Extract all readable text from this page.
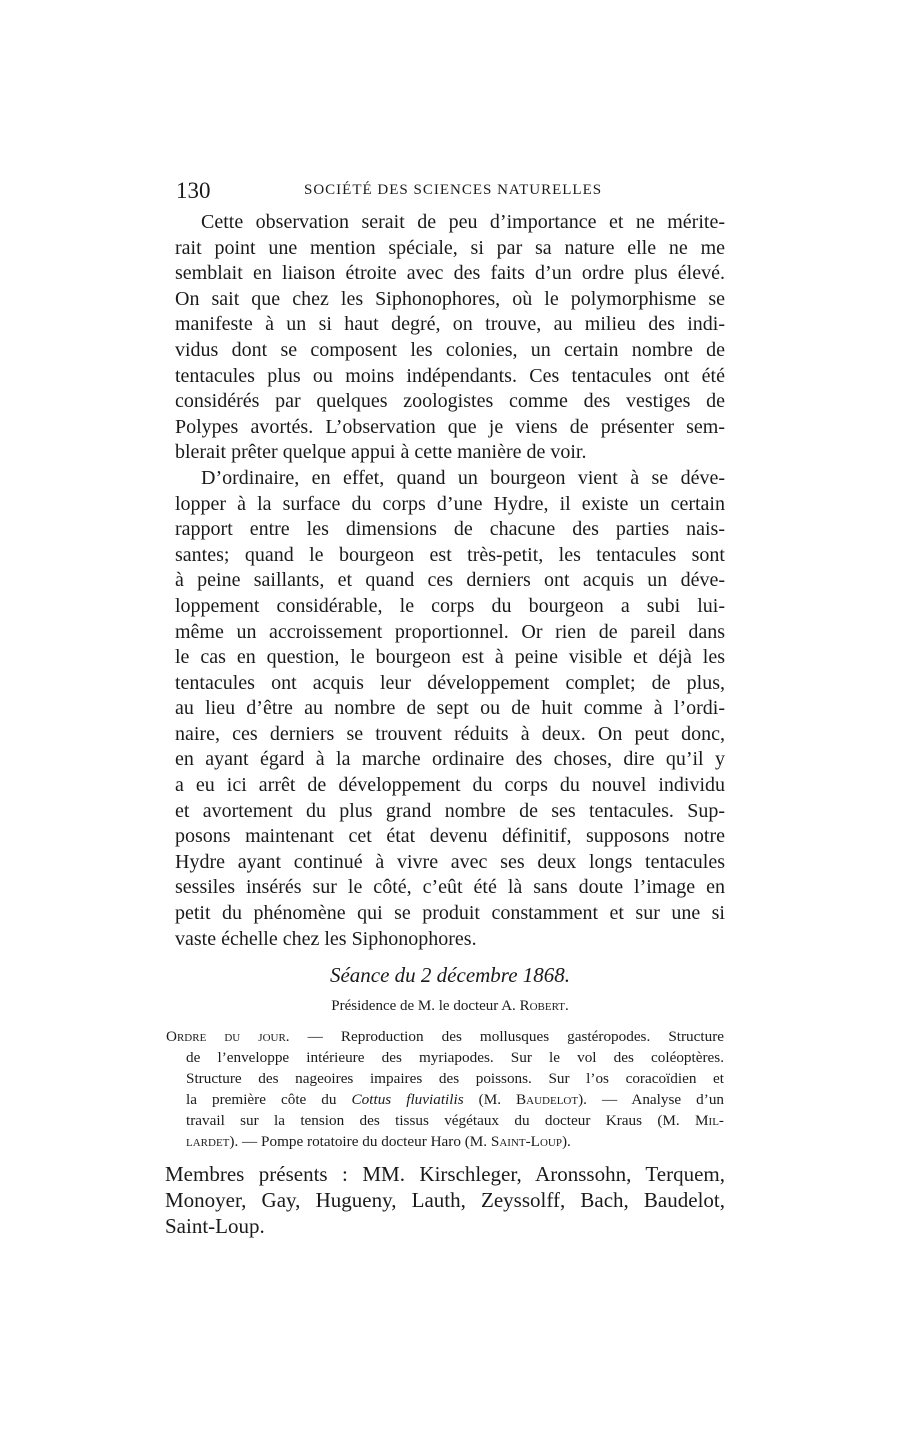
130	SOCIÉTÉ DES SCIENCES NATURELLES
Cette observation serait de peu d’importance et ne mérite-
rait point une mention spéciale, si par sa nature elle ne me
semblait en liaison étroite avec des faits d’un ordre plus élevé.
On sait que chez les Siphonophores, où le polymorphisme se
manifeste à un si haut degré, on trouve, au milieu des indi-
vidus dont se composent les colonies, un certain nombre de
tentacules plus ou moins indépendants. Ces tentacules ont été
considérés par quelques zoologistes comme des vestiges de
Polypes avortés. L’observation que je viens de présenter sem-
blerait prêter quelque appui à cette manière de voir.
D’ordinaire, en effet, quand un bourgeon vient à se déve-
lopper à la surface du corps d’une Hydre, il existe un certain
rapport entre les dimensions de chacune des parties nais-
santes; quand le bourgeon est très-petit, les tentacules sont
à peine saillants, et quand ces derniers ont acquis un déve-
loppement considérable, le corps du bourgeon a subi lui-
même un accroissement proportionnel. Or rien de pareil dans
le cas en question, le bourgeon est à peine visible et déjà les
tentacules ont acquis leur développement complet; de plus,
au lieu d’être au nombre de sept ou de huit comme à l’ordi-
naire, ces derniers se trouvent réduits à deux. On peut donc,
en ayant égard à la marche ordinaire des choses, dire qu’il y
a eu ici arrêt de développement du corps du nouvel individu
et avortement du plus grand nombre de ses tentacules. Sup-
posons maintenant cet état devenu définitif, supposons notre
Hydre ayant continué à vivre avec ses deux longs tentacules
sessiles insérés sur le côté, c’eût été là sans doute l’image en
petit du phénomène qui se produit constamment et sur une si
vaste échelle chez les Siphonophores.

Séance du 2 décembre 1868.

Présidence de M. le docteur A. Robert.

Ordre du jour. — Reproduction des mollusques gastéropodes. Structure
de l’enveloppe intérieure des myriapodes. Sur le vol des coléoptères.
Structure des nageoires impaires des poissons. Sur l’os coracoïdien et
la première côte du Cottus fluviatilis (M. Baudelot). — Analyse d’un
travail sur la tension des tissus végétaux du docteur Kraus (M. Mil-
lardet). — Pompe rotatoire du docteur Haro (M. Saint-Loup).
Membres présents : MM. Kirschleger, Aronssohn, Terquem,
Monoyer, Gay, Hugueny, Lauth, Zeyssolff, Bach, Baudelot,
Saint-Loup.
